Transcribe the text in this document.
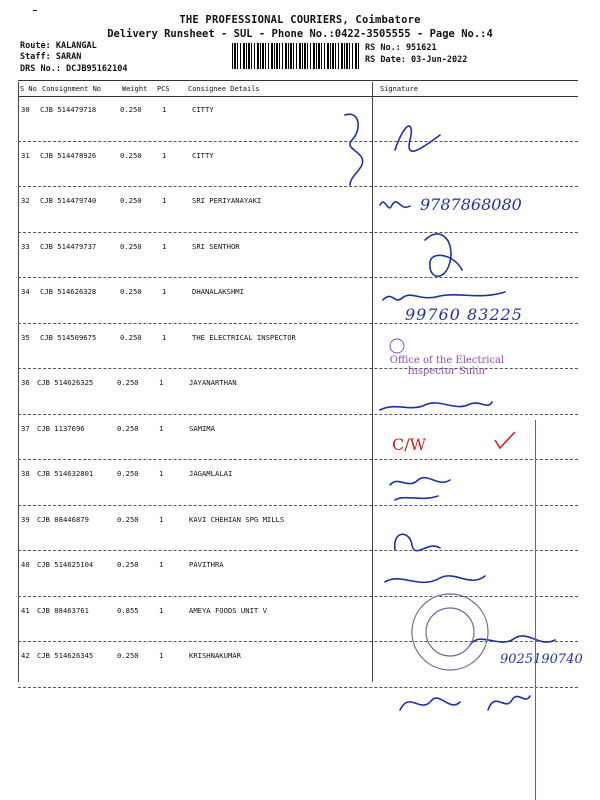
THE PROFESSIONAL COURIERS, Coimbatore
Delivery Runsheet - SUL - Phone No.:0422-3505555 - Page No.:4
Route: KALANGAL
Staff: SARAN
DRS No.: DCJB95162104
RS No.: 951621
RS Date: 03-Jun-2022
S No Consignment No	Weight PCS	Consignee Details	Signature
30 CJB 514479718	0.250	1	CITTY
31 CJB 514478926	0.250	1	CITTY
32 CJB 514479740	0.250	1	SRI PERIYANAYAKI
33 CJB 514479737	0.250	1	SRI SENTHOR
34 CJB 514626328	0.250	1	DHANALAKSHMI
35 CJB 514509675	0.250	1	THE ELECTRICAL INSPECTOR
36 CJB 514626325	0.250	1	JAYANARTHAN
37 CJB 1137696	0.250	1	SAMIMA
38 CJB 514632801	0.250	1	JAGAMLALAI
39 CJB 88446879	0.250	1	KAVI CHEHIAN SPG MILLS
40 CJB 514625104	0.250	1	PAVITHRA
41 CJB 88463761	0.855	1	AMEYA FOODS UNIT V
42 CJB 514626345	0.250	1	KRISHNAKUMAR
9787868080
99760 83225
Office of the Electrical Inspector Sulur
C/W
9025190740
